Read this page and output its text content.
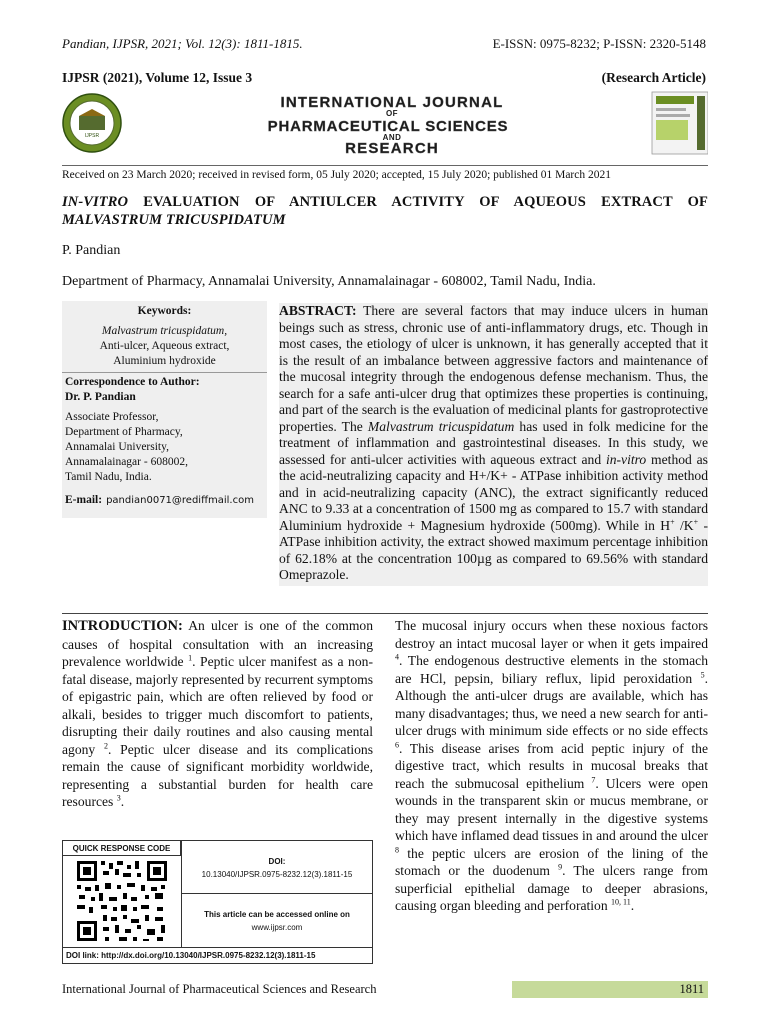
Pandian, IJPSR, 2021; Vol. 12(3): 1811-1815.	E-ISSN: 0975-8232; P-ISSN: 2320-5148
IJPSR (2021), Volume 12, Issue 3	(Research Article)
IJPSR
INTERNATIONAL JOURNAL
OF
PHARMACEUTICAL SCIENCES
AND
RESEARCH
Received on 23 March 2020; received in revised form, 05 July 2020; accepted, 15 July 2020; published 01 March 2021
IN-VITRO EVALUATION OF ANTIULCER ACTIVITY OF AQUEOUS EXTRACT OF MALVASTRUM TRICUSPIDATUM
P. Pandian
Department of Pharmacy, Annamalai University, Annamalainagar - 608002, Tamil Nadu, India.
Keywords:
Malvastrum tricuspidatum,
Anti-ulcer, Aqueous extract,
Aluminium hydroxide
Correspondence to Author:
Dr. P. Pandian
Associate Professor,
Department of Pharmacy,
Annamalai University,
Annamalainagar - 608002,
Tamil Nadu, India.
E-mail: pandian0071@rediffmail.com
ABSTRACT: There are several factors that may induce ulcers in human beings such as stress, chronic use of anti-inflammatory drugs, etc. Though in most cases, the etiology of ulcer is unknown, it has generally accepted that it is the result of an imbalance between aggressive factors and maintenance of the mucosal integrity through the endogenous defense mechanism. Thus, the search for a safe anti-ulcer drug that optimizes these properties is continuing, and part of the search is the evaluation of medicinal plants for gastroprotective properties. The Malvastrum tricuspidatum has used in folk medicine for the treatment of inflammation and gastrointestinal diseases. In this study, we assessed for anti-ulcer activities with aqueous extract and in-vitro method as the acid-neutralizing capacity and H+/K+ - ATPase inhibition activity method and in acid-neutralizing capacity (ANC), the extract significantly reduced ANC to 9.33 at a concentration of 1500 mg as compared to 15.7 with standard Aluminium hydroxide + Magnesium hydroxide (500mg). While in H+ /K+ - ATPase inhibition activity, the extract showed maximum percentage inhibition of 62.18% at the concentration 100µg as compared to 69.56% with standard Omeprazole.
INTRODUCTION: An ulcer is one of the common causes of hospital consultation with an increasing prevalence worldwide $^1$. Peptic ulcer manifest as a non-fatal disease, majorly represented by recurrent symptoms of epigastric pain, which are often relieved by food or alkali, besides to trigger much discomfort to patients, disrupting their daily routines and also causing mental agony $^2$. Peptic ulcer disease and its complications remain the cause of significant morbidity worldwide, representing a substantial burden for health care resources $^3$.
The mucosal injury occurs when these noxious factors destroy an intact mucosal layer or when it gets impaired $^4$. The endogenous destructive elements in the stomach are HCl, pepsin, biliary reflux, lipid peroxidation $^5$. Although the anti-ulcer drugs are available, which has many disadvantages; thus, we need a new search for anti-ulcer drugs with minimum side effects or no side effects $^6$. This disease arises from acid peptic injury of the digestive tract, which results in mucosal breaks that reach the submucosal epithelium $^7$. Ulcers were open wounds in the transparent skin or mucus membrane, or they may present internally in the digestive systems which have inflamed dead tissues in and around the ulcer $^8$ the peptic ulcers are erosion of the lining of the stomach or the duodenum $^9$. The ulcers range from superficial epithelial damage to deeper abrasions, causing organ bleeding and perforation $^{10, 11}$.
QUICK RESPONSE CODE
DOI:
10.13040/IJPSR.0975-8232.12(3).1811-15
This article can be accessed online on
www.ijpsr.com
DOI link: http://dx.doi.org/10.13040/IJPSR.0975-8232.12(3).1811-15
International Journal of Pharmaceutical Sciences and Research	1811
